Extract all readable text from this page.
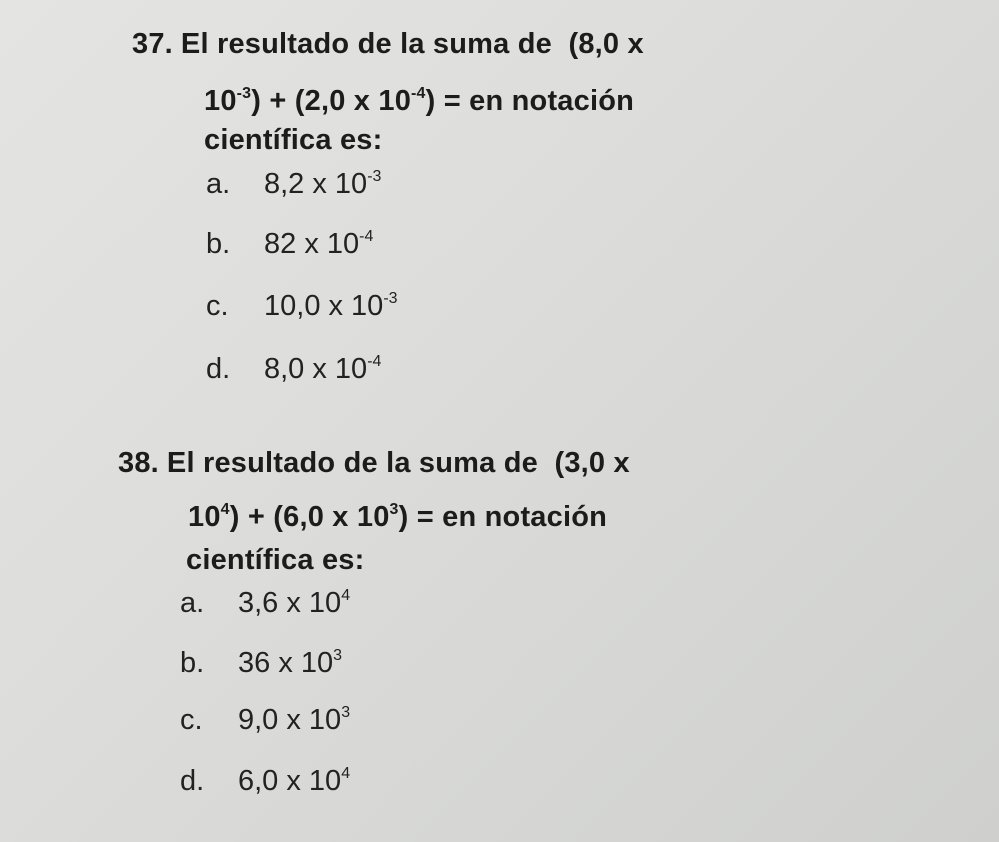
37. El resultado de la suma de (8,0 x
$10^{-3}) + (2,0$ x $10^{-4}$) = en notación
científica es:
a. 8,2 x $10^{-3}$
b. 82 x $10^{-4}$
c. 10,0 x $10^{-3}$
d. 8,0 x $10^{-4}$
38. El resultado de la suma de (3,0 x
$10^4) + (6,0$ x $10^3$) = en notación
científica es:
a. 3,6 x $10^4$
b. 36 x $10^3$
c. 9,0 x $10^3$
d. 6,0 x $10^4$
